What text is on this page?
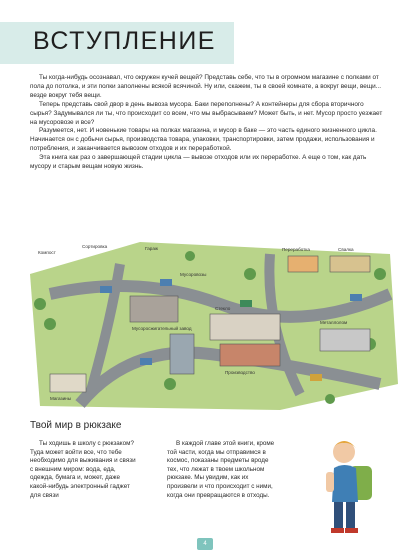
ВСТУПЛЕНИЕ

Ты когда-нибудь осознавал, что окружен кучей вещей? Представь себе, что ты в огромном магазине с полками от пола до потолка, и эти полки заполнены всякой всячиной. Ну или, скажем, ты в своей комнате, а вокруг вещи, вещи... везде вокруг тебя вещи.

Теперь представь свой двор в день вывоза мусора. Баки переполнены? А контейнеры для сбора вторичного сырья? Задумывался ли ты, что происходит со всем, что мы выбрасываем? Может быть, и нет. Мусор просто уезжает на мусоровозе и все?

Разумеется, нет. И новенькие товары на полках магазина, и мусор в баке — это часть единого жизненного цикла. Начинается он с добычи сырья, производства товара, упаковки, транспортировки, затем продажи, использования и потребления, и заканчивается вывозом отходов и их переработкой.

Эта книга как раз о завершающей стадии цикла — вывозе отходов или их переработке. А еще о том, как дать мусору и старым вещам новую жизнь.

Компост
Сортировка	Гараж
Мусоровозы
Переработка	Свалка
Металлолом
Стекло
Мусоросжигательный завод
Производство
Магазины
Твой мир в рюкзаке

Ты ходишь в школу с рюкзаком? Туда может войти все, что тебе необходимо для выживания и связи с внешним миром: вода, еда, одежда, бумага и, может, даже какой-нибудь электронный гаджет для связи

В каждой главе этой книги, кроме той части, когда мы отправимся в космос, показаны предметы вроде тех, что лежат в твоем школьном рюкзаке. Мы увидим, как их произвели и что происходит с ними, когда они превращаются в отходы.

4
